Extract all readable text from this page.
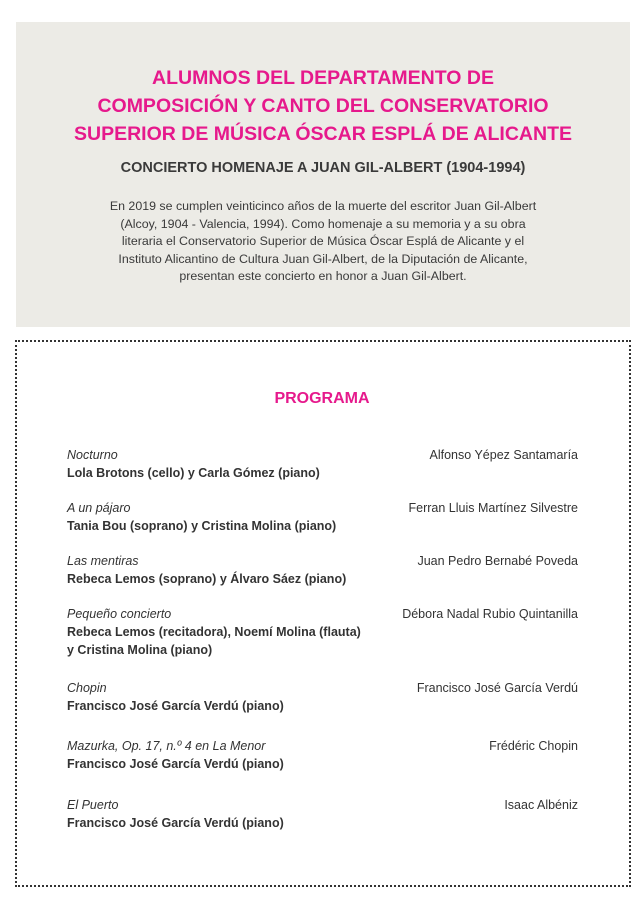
ALUMNOS DEL DEPARTAMENTO DE
COMPOSICIÓN Y CANTO DEL CONSERVATORIO
SUPERIOR DE MÚSICA ÓSCAR ESPLÁ DE ALICANTE
CONCIERTO HOMENAJE A JUAN GIL-ALBERT (1904-1994)
En 2019 se cumplen veinticinco años de la muerte del escritor Juan Gil-Albert
(Alcoy, 1904 - Valencia, 1994). Como homenaje a su memoria y a su obra
literaria el Conservatorio Superior de Música Óscar Esplá de Alicante y el
Instituto Alicantino de Cultura Juan Gil-Albert, de la Diputación de Alicante,
presentan este concierto en honor a Juan Gil-Albert.
PROGRAMA
Nocturno	Alfonso Yépez Santamaría
Lola Brotons (cello) y Carla Gómez (piano)
A un pájaro	Ferran Lluis Martínez Silvestre
Tania Bou (soprano) y Cristina Molina (piano)
Las mentiras	Juan Pedro Bernabé Poveda
Rebeca Lemos (soprano) y Álvaro Sáez (piano)
Pequeño concierto	Débora Nadal Rubio Quintanilla
Rebeca Lemos (recitadora), Noemí Molina (flauta)
y Cristina Molina (piano)
Chopin	Francisco José García Verdú
Francisco José García Verdú (piano)
Mazurka, Op. 17, n.º 4 en La Menor	Frédéric Chopin
Francisco José García Verdú (piano)
El Puerto	Isaac Albéniz
Francisco José García Verdú (piano)
